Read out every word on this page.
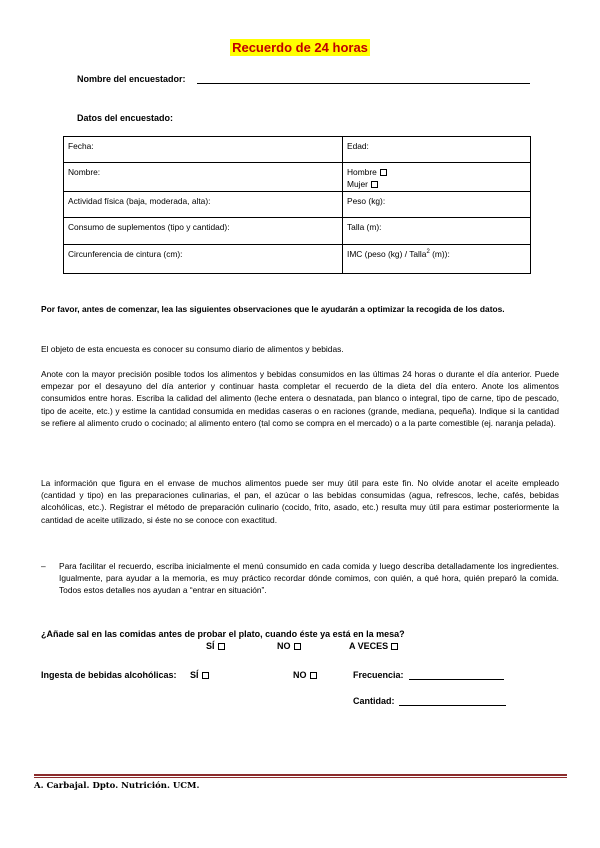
Recuerdo de 24 horas
Nombre del encuestador:
Datos del encuestado:
Fecha:	Edad:
Nombre:	Hombre
Mujer

Actividad física (baja, moderada, alta):	Peso (kg):
Consumo de suplementos (tipo y cantidad):	Talla (m):
Circunferencia de cintura (cm):	IMC (peso (kg) / Talla$^2$ (m)):
Por favor, antes de comenzar, lea las siguientes observaciones que le ayudarán a optimizar la recogida de los datos.
El objeto de esta encuesta es conocer su consumo diario de alimentos y bebidas.
Anote con la mayor precisión posible todos los alimentos y bebidas consumidos en las últimas 24 horas o durante el día anterior. Puede empezar por el desayuno del día anterior y continuar hasta completar el recuerdo de la dieta del día entero. Anote los alimentos consumidos entre horas. Escriba la calidad del alimento (leche entera o desnatada, pan blanco o integral, tipo de carne, tipo de pescado, tipo de aceite, etc.) y estime la cantidad consumida en medidas caseras o en raciones (grande, mediana, pequeña). Indique si la cantidad se refiere al alimento crudo o cocinado; al alimento entero (tal como se compra en el mercado) o a la parte comestible (ej. naranja pelada).
La información que figura en el envase de muchos alimentos puede ser muy útil para este fin. No olvide anotar el aceite empleado (cantidad y tipo) en las preparaciones culinarias, el pan, el azúcar o las bebidas consumidas (agua, refrescos, leche, cafés, bebidas alcohólicas, etc.). Registrar el método de preparación culinario (cocido, frito, asado, etc.) resulta muy útil para estimar posteriormente la cantidad de aceite utilizado, si éste no se conoce con exactitud.
– Para facilitar el recuerdo, escriba inicialmente el menú consumido en cada comida y luego describa detalladamente los ingredientes. Igualmente, para ayudar a la memoria, es muy práctico recordar dónde comimos, con quién, a qué hora, quién preparó la comida. Todos estos detalles nos ayudan a “entrar en situación”.
¿Añade sal en las comidas antes de probar el plato, cuando éste ya está en la mesa?
SÍ	NO	A VECES
Ingesta de bebidas alcohólicas: SÍ	NO	Frecuencia:
Cantidad:
A. Carbajal. Dpto. Nutrición. UCM.
